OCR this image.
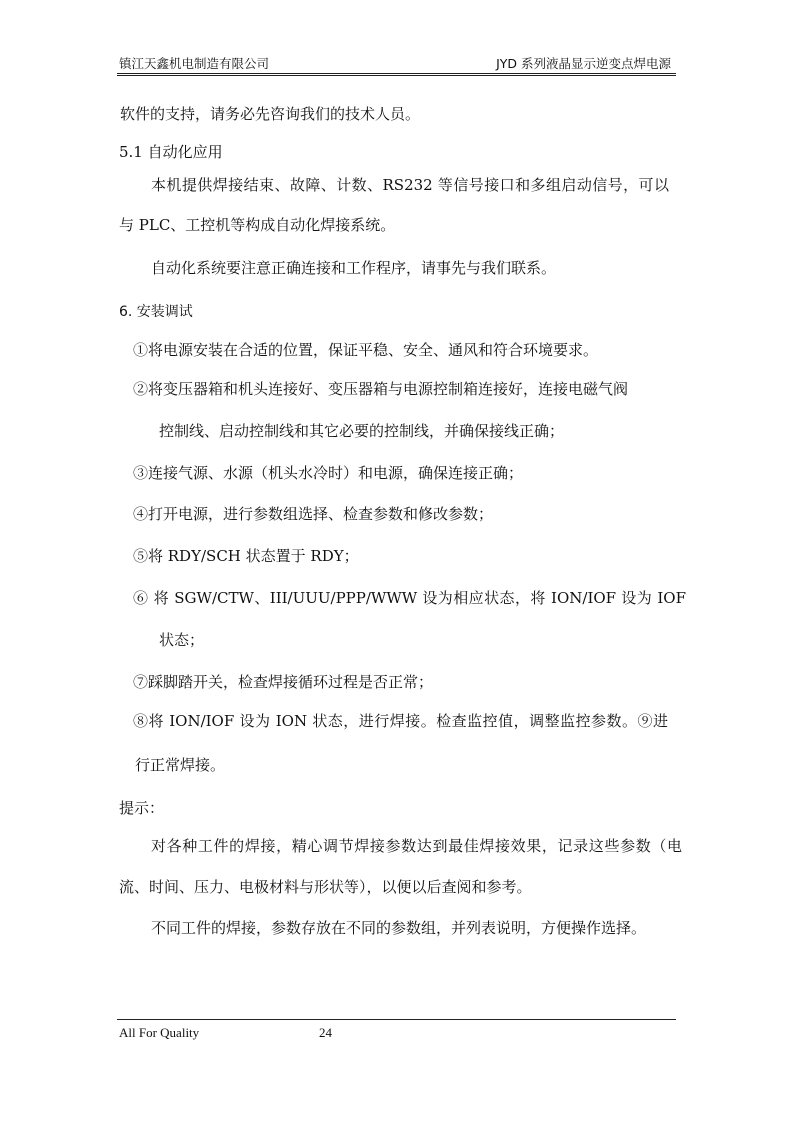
镇江天鑫机电制造有限公司	JYD 系列液晶显示逆变点焊电源
软件的支持，请务必先咨询我们的技术人员。
5.1 自动化应用
本机提供焊接结束、故障、计数、RS232 等信号接口和多组启动信号，可以
与 PLC、工控机等构成自动化焊接系统。
自动化系统要注意正确连接和工作程序，请事先与我们联系。
6. 安装调试
①将电源安装在合适的位置，保证平稳、安全、通风和符合环境要求。
②将变压器箱和机头连接好、变压器箱与电源控制箱连接好，连接电磁气阀
控制线、启动控制线和其它必要的控制线，并确保接线正确；
③连接气源、水源（机头水冷时）和电源，确保连接正确；
④打开电源，进行参数组选择、检查参数和修改参数；
⑤将 RDY/SCH 状态置于 RDY；
⑥ 将 SGW/CTW、III/UUU/PPP/WWW 设为相应状态，将 ION/IOF 设为 IOF
状态；
⑦踩脚踏开关，检查焊接循环过程是否正常；
⑧将 ION/IOF 设为 ION 状态，进行焊接。检查监控值，调整监控参数。⑨进
行正常焊接。
提示：
对各种工件的焊接，精心调节焊接参数达到最佳焊接效果，记录这些参数（电
流、时间、压力、电极材料与形状等），以便以后查阅和参考。
不同工件的焊接，参数存放在不同的参数组，并列表说明，方便操作选择。
All For Quality	24
